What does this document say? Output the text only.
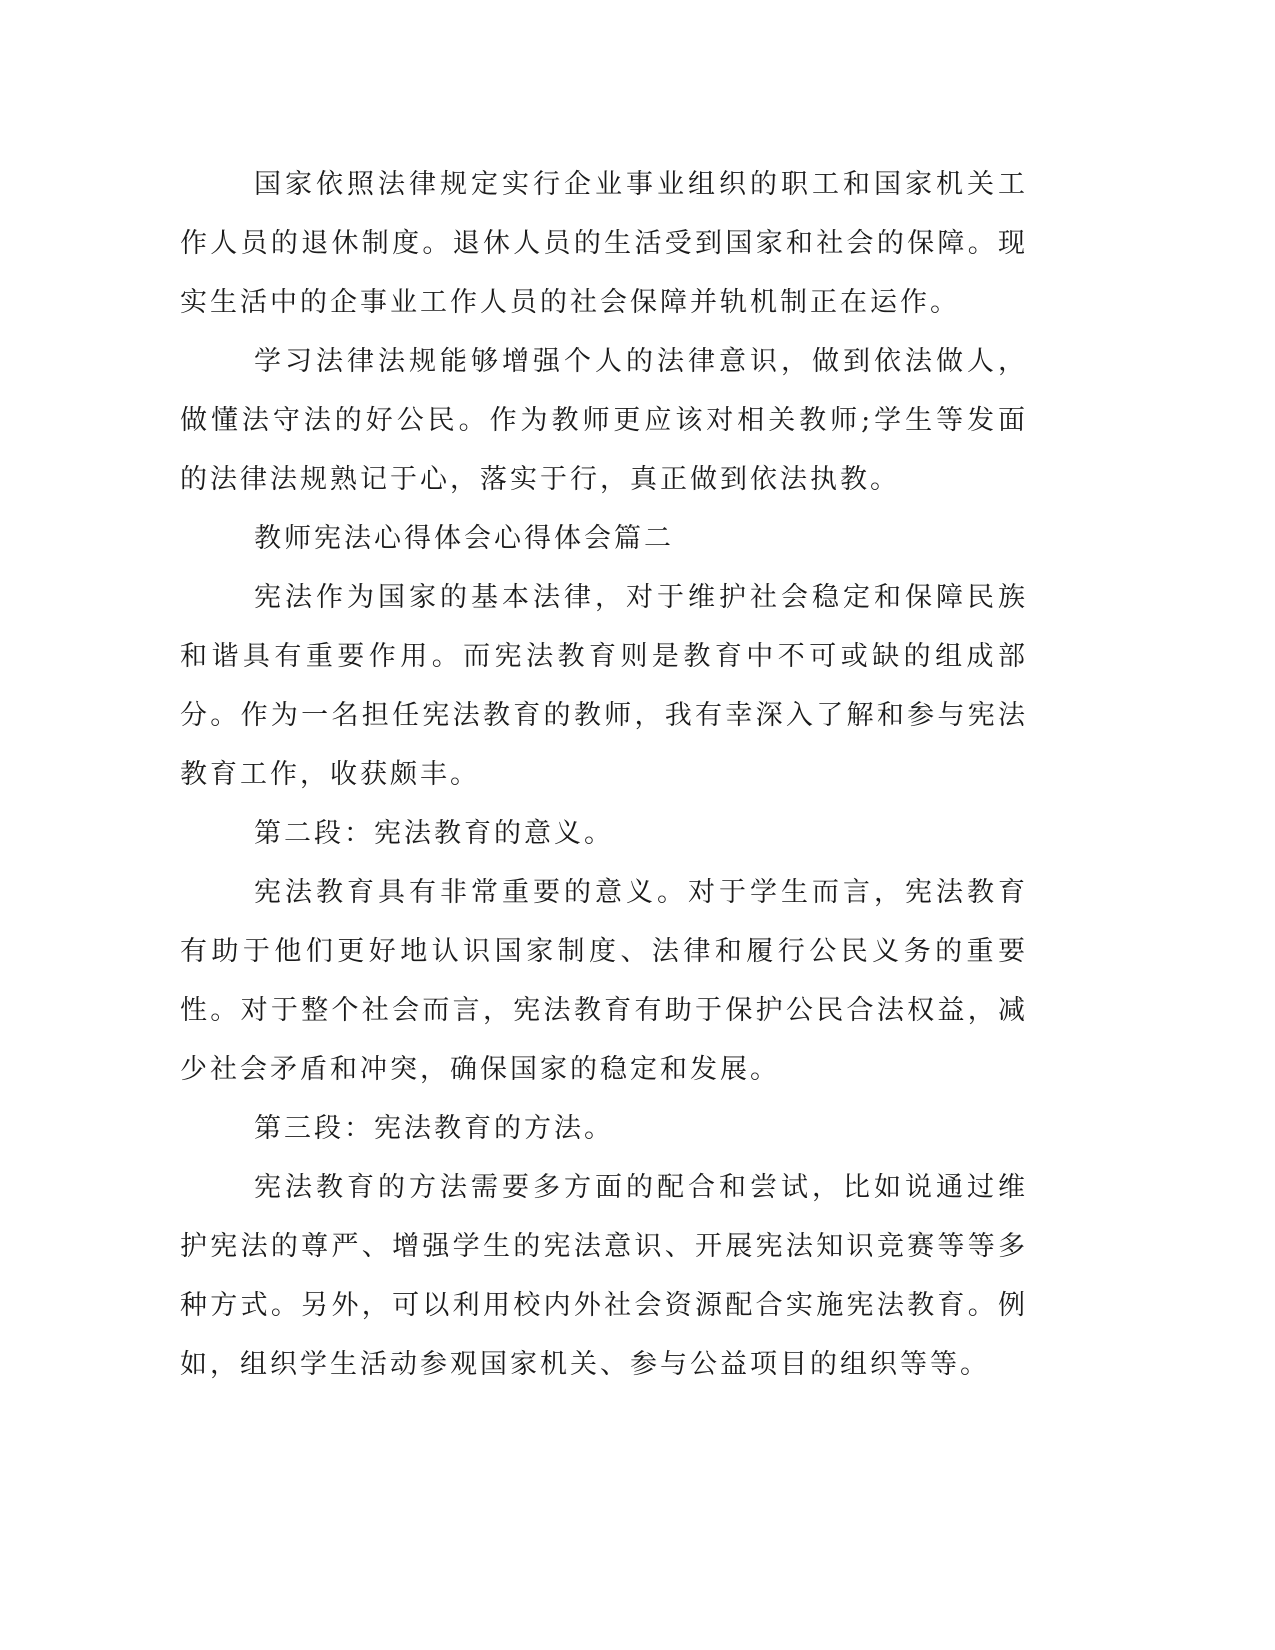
国家依照法律规定实行企业事业组织的职工和国家机关工作人员的退休制度。退休人员的生活受到国家和社会的保障。现实生活中的企事业工作人员的社会保障并轨机制正在运作。

学习法律法规能够增强个人的法律意识，做到依法做人，做懂法守法的好公民。作为教师更应该对相关教师;学生等发面的法律法规熟记于心，落实于行，真正做到依法执教。

教师宪法心得体会心得体会篇二

宪法作为国家的基本法律，对于维护社会稳定和保障民族和谐具有重要作用。而宪法教育则是教育中不可或缺的组成部分。作为一名担任宪法教育的教师，我有幸深入了解和参与宪法教育工作，收获颇丰。

第二段：宪法教育的意义。

宪法教育具有非常重要的意义。对于学生而言，宪法教育有助于他们更好地认识国家制度、法律和履行公民义务的重要性。对于整个社会而言，宪法教育有助于保护公民合法权益，减少社会矛盾和冲突，确保国家的稳定和发展。

第三段：宪法教育的方法。

宪法教育的方法需要多方面的配合和尝试，比如说通过维护宪法的尊严、增强学生的宪法意识、开展宪法知识竞赛等等多种方式。另外，可以利用校内外社会资源配合实施宪法教育。例如，组织学生活动参观国家机关、参与公益项目的组织等等。
